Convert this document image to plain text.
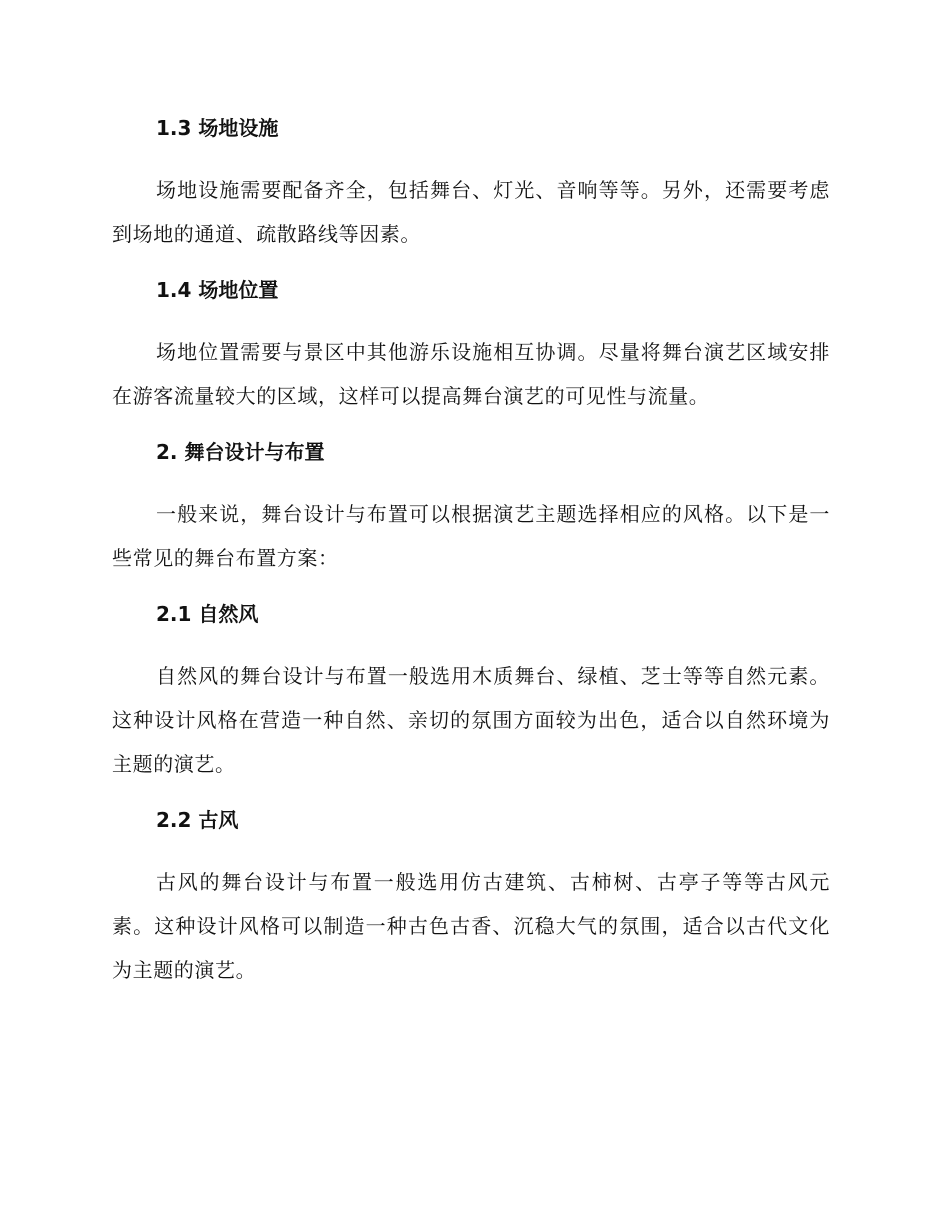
1.3 场地设施

场地设施需要配备齐全，包括舞台、灯光、音响等等。另外，还需要考虑到场地的通道、疏散路线等因素。

1.4 场地位置

场地位置需要与景区中其他游乐设施相互协调。尽量将舞台演艺区域安排在游客流量较大的区域，这样可以提高舞台演艺的可见性与流量。

2. 舞台设计与布置

一般来说，舞台设计与布置可以根据演艺主题选择相应的风格。以下是一些常见的舞台布置方案：

2.1 自然风

自然风的舞台设计与布置一般选用木质舞台、绿植、芝士等等自然元素。这种设计风格在营造一种自然、亲切的氛围方面较为出色，适合以自然环境为主题的演艺。

2.2 古风

古风的舞台设计与布置一般选用仿古建筑、古柿树、古亭子等等古风元素。这种设计风格可以制造一种古色古香、沉稳大气的氛围，适合以古代文化为主题的演艺。
